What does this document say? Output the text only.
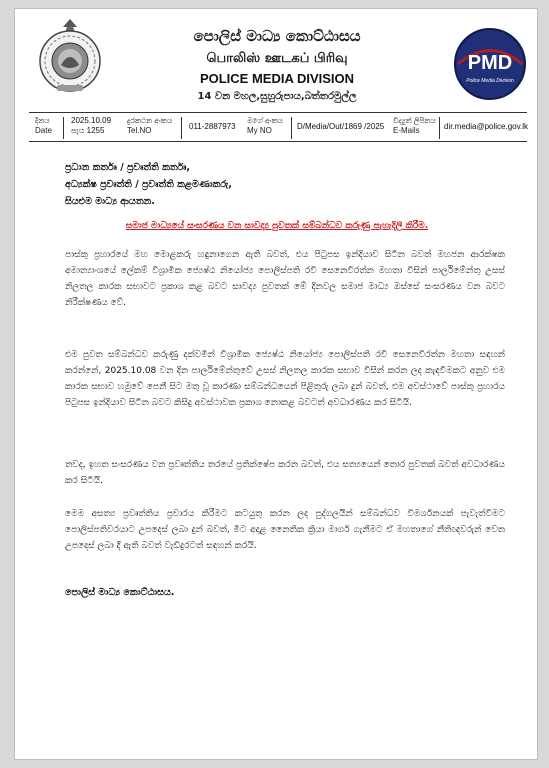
පොලිස් මාධ්‍ය කොට්ඨාසය
பொலிஸ் ஊடகப் பிரிவு
POLICE MEDIA DIVISION
14 වන මහල,සුහුරුපාය,බත්තරමුල්ල
PMD
Police Media Division
දිනය
Date
2025.10.09
පැය 1255
දුරකථන අංකය
Tel.NO	011-2887973
මගේ අංකය
My NO	D/Media/Out/1869 /2025
විද්‍යුත් ලිපිනය
E-Mails	dir.media@police.gov.lk
ප්‍රධාන කර්තෘ / ප්‍රවෘත්ති කර්තෘ,
අධ්‍යක්ෂ ප්‍රවෘත්ති / ප්‍රවෘත්ති කළමණාකරු,
සියළුම මාධ්‍ය ආයතන.
සමාජ මාධ්‍යයේ සංසරණය වන සාවද්‍ය පුවතක් සම්බන්ධව කරුණු පැහැදිලි කිරීම.

පාස්කු ප්‍රහාරයේ මහ මොළකරු හඳුනාගෙන ඇති බවත්, එය පිටුපස ඉන්දියාව සිටින බවත් මහජන ආරක්ෂක අමාත්‍යාංශයේ ලේකම් විශ්‍රාමික ජ්‍යෙෂ්ඨ නියෝජ්‍ය පොලිස්පති රවි සෙනෙවිරත්න මහතා විසින් පාර්ලිමේන්තු උසස් නිලතල කාරක සභාවට ප්‍රකාශ කළ බවට සාවද්‍ය පුවතක් මේ දිනවල සමාජ මාධ්‍ය ඔස්සේ සංසරණය වන බවට නිරීක්ෂණය වේ.

එම පුවත සම්බන්ධව කරුණු දක්වමින් විශ්‍රාමික ජ්‍යෙෂ්ඨ නියෝජ්‍ය පොලිස්පති රවි සෙනෙවිරත්න මහතා සඳහන් කරන්නේ, 2025.10.08 වන දින පාර්ලිමේන්තුවේ උසස් නිලතල කාරක සභාව විසින් කරන ලද කැඳවීමකට අනුව එම කාරක සභාව හමුවේ පෙනී සිට මතු වූ කාරණා සම්බන්ධයෙන් පිළිතුරු ලබා දුන් බවත්, එම අවස්ථාවේ පාස්කු ප්‍රහාරය පිටුපස ඉන්දියාව සිටින බවට කිසිදු අවස්ථාවක ප්‍රකාශ නොකළ බවටත් අවධාරණය කර සිටියි.

තවද, ඉහත සංසරණය වන ප්‍රවෘත්තිය තරයේ ප්‍රතික්ෂේප කරන බවත්, එය සත්‍යයෙන් තොර පුවතක් බවත් අවධාරණය කර සිටියි.

මෙම අසත්‍ය ප්‍රවෘත්තිය ප්‍රචාරය කිරීමට කටයුතු කරන ලද පුද්ගලයින් සම්බන්ධව විමර්ශනයක් පැවැත්වීමට පොලිස්පතිවරයාට උපදෙස් ලබා දුන් බවත්, මීට අදාළ නෛතික ක්‍රියා මාර්ග ගැනීමට ඒ මහතාගේ නීතිඥවරුන් වෙත උපදෙස් ලබා දී ඇති බවත් වැඩිදුරටත් සඳහන් කරයි.

පොලිස් මාධ්‍ය කොට්ඨාසය.
